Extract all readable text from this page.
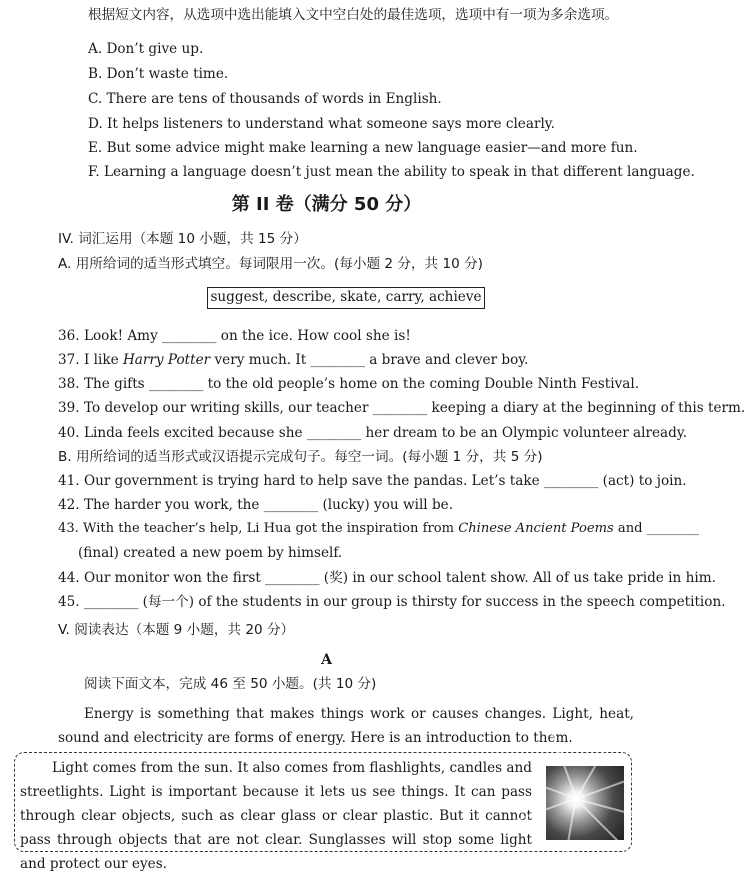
根据短文内容，从选项中选出能填入文中空白处的最佳选项，选项中有一项为多余选项。
A. Don’t give up.
B. Don’t waste time.
C. There are tens of thousands of words in English.
D. It helps listeners to understand what someone says more clearly.
E. But some advice might make learning a new language easier—and more fun.
F. Learning a language doesn’t just mean the ability to speak in that different language.
第 II 卷（满分 50 分）
IV. 词汇运用（本题 10 小题，共 15 分）
A. 用所给词的适当形式填空。每词限用一次。(每小题 2 分，共 10 分)
suggest, describe, skate, carry, achieve
36. Look! Amy ________ on the ice. How cool she is!
37. I like Harry Potter very much. It ________ a brave and clever boy.
38. The gifts ________ to the old people’s home on the coming Double Ninth Festival.
39. To develop our writing skills, our teacher ________ keeping a diary at the beginning of this term.
40. Linda feels excited because she ________ her dream to be an Olympic volunteer already.
B. 用所给词的适当形式或汉语提示完成句子。每空一词。(每小题 1 分，共 5 分)
41. Our government is trying hard to help save the pandas. Let’s take ________ (act) to join.
42. The harder you work, the ________ (lucky) you will be.
43. With the teacher’s help, Li Hua got the inspiration from Chinese Ancient Poems and ________
(final) created a new poem by himself.
44. Our monitor won the first ________ (奖) in our school talent show. All of us take pride in him.
45. ________ (每一个) of the students in our group is thirsty for success in the speech competition.
V. 阅读表达（本题 9 小题，共 20 分）
A
阅读下面文本，完成 46 至 50 小题。(共 10 分)
Energy is something that makes things work or causes changes. Light, heat, sound and electricity are forms of energy. Here is an introduction to them.
Light comes from the sun. It also comes from flashlights, candles and streetlights. Light is important because it lets us see things. It can pass through clear objects, such as clear glass or clear plastic. But it cannot pass through objects that are not clear. Sunglasses will stop some light and protect our eyes.
